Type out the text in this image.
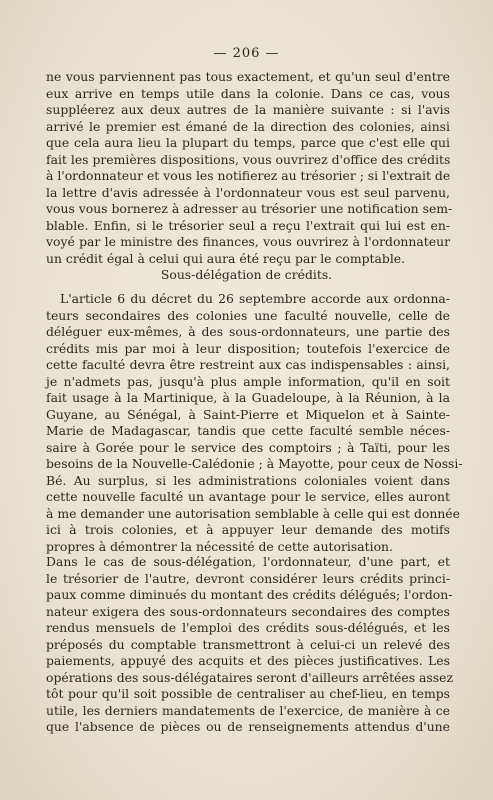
— 206 —
ne vous parviennent pas tous exactement, et qu'un seul d'entre
eux arrive en temps utile dans la colonie. Dans ce cas, vous
suppléerez aux deux autres de la manière suivante : si l'avis
arrivé le premier est émané de la direction des colonies, ainsi
que cela aura lieu la plupart du temps, parce que c'est elle qui
fait les premières dispositions, vous ouvrirez d'office des crédits
à l'ordonnateur et vous les notifierez au trésorier ; si l'extrait de
la lettre d'avis adressée à l'ordonnateur vous est seul parvenu,
vous vous bornerez à adresser au trésorier une notification sem-
blable. Enfin, si le trésorier seul a reçu l'extrait qui lui est en-
voyé par le ministre des finances, vous ouvrirez à l'ordonnateur
un crédit égal à celui qui aura été reçu par le comptable.
Sous-délégation de crédits.
L'article 6 du décret du 26 septembre accorde aux ordonna-
teurs secondaires des colonies une faculté nouvelle, celle de
déléguer eux-mêmes, à des sous-ordonnateurs, une partie des
crédits mis par moi à leur disposition; toutefois l'exercice de
cette faculté devra être restreint aux cas indispensables : ainsi,
je n'admets pas, jusqu'à plus ample information, qu'il en soit
fait usage à la Martinique, à la Guadeloupe, à la Réunion, à la
Guyane, au Sénégal, à Saint-Pierre et Miquelon et à Sainte-
Marie de Madagascar, tandis que cette faculté semble néces-
saire à Gorée pour le service des comptoirs ; à Taïti, pour les
besoins de la Nouvelle-Calédonie ; à Mayotte, pour ceux de Nossi-
Bé. Au surplus, si les administrations coloniales voient dans
cette nouvelle faculté un avantage pour le service, elles auront
à me demander une autorisation semblable à celle qui est donnée
ici à trois colonies, et à appuyer leur demande des motifs
propres à démontrer la nécessité de cette autorisation.
Dans le cas de sous-délégation, l'ordonnateur, d'une part, et
le trésorier de l'autre, devront considérer leurs crédits princi-
paux comme diminués du montant des crédits délégués; l'ordon-
nateur exigera des sous-ordonnateurs secondaires des comptes
rendus mensuels de l'emploi des crédits sous-délégués, et les
préposés du comptable transmettront à celui-ci un relevé des
paiements, appuyé des acquits et des pièces justificatives. Les
opérations des sous-délégataires seront d'ailleurs arrêtées assez
tôt pour qu'il soit possible de centraliser au chef-lieu, en temps
utile, les derniers mandatements de l'exercice, de manière à ce
que l'absence de pièces ou de renseignements attendus d'une
